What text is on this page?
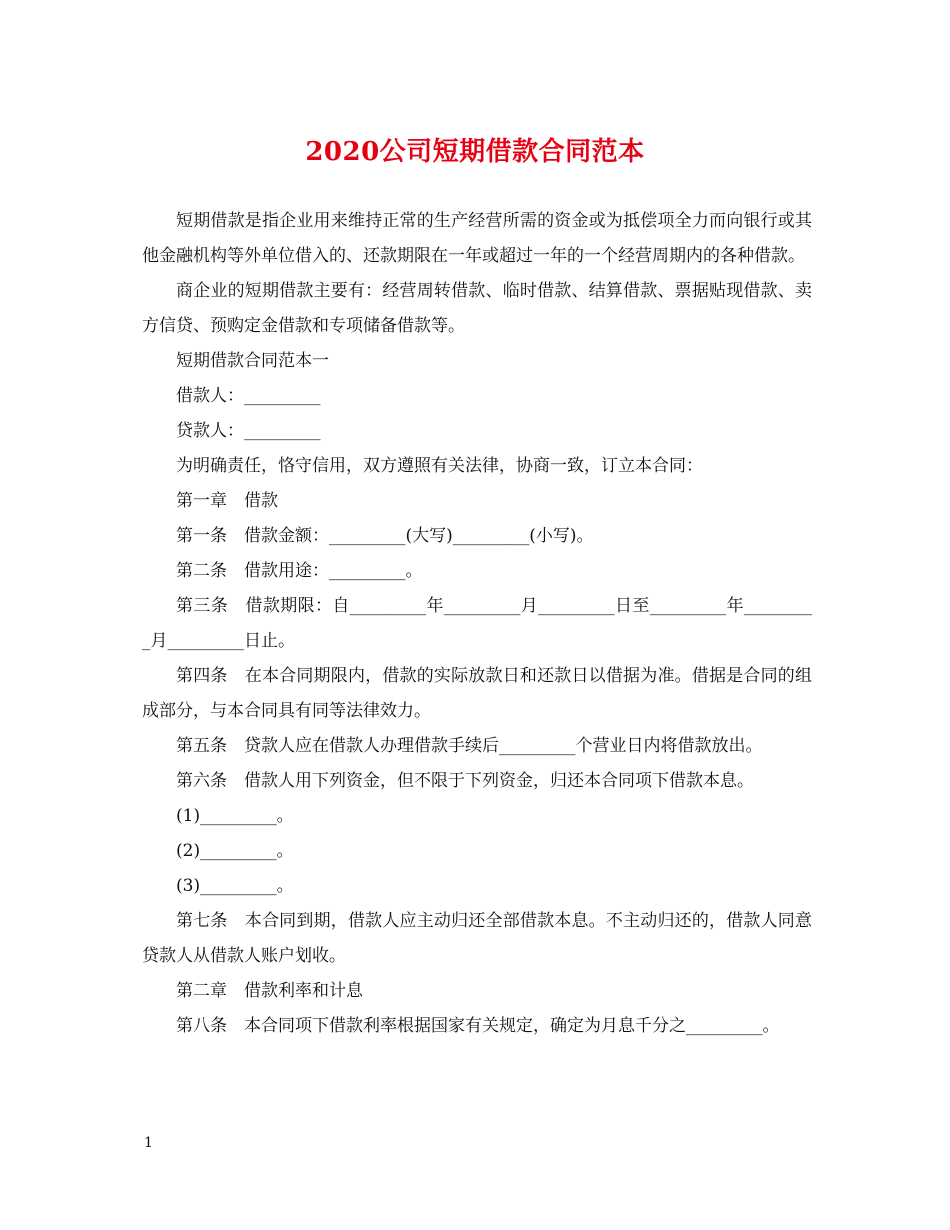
2020公司短期借款合同范本

短期借款是指企业用来维持正常的生产经营所需的资金或为抵偿项全力而向银行或其他金融机构等外单位借入的、还款期限在一年或超过一年的一个经营周期内的各种借款。

商企业的短期借款主要有：经营周转借款、临时借款、结算借款、票据贴现借款、卖方信贷、预购定金借款和专项储备借款等。

短期借款合同范本一

借款人：_________

贷款人：_________

为明确责任，恪守信用，双方遵照有关法律，协商一致，订立本合同：

第一章　借款

第一条　借款金额：_________(大写)_________(小写)。

第二条　借款用途：_________。

第三条　借款期限：自_________年_________月_________日至_________年_________月_________日止。

第四条　在本合同期限内，借款的实际放款日和还款日以借据为准。借据是合同的组成部分，与本合同具有同等法律效力。

第五条　贷款人应在借款人办理借款手续后_________个营业日内将借款放出。

第六条　借款人用下列资金，但不限于下列资金，归还本合同项下借款本息。

(1)_________。

(2)_________。

(3)_________。

第七条　本合同到期，借款人应主动归还全部借款本息。不主动归还的，借款人同意贷款人从借款人账户划收。

第二章　借款利率和计息

第八条　本合同项下借款利率根据国家有关规定，确定为月息千分之_________。

1
